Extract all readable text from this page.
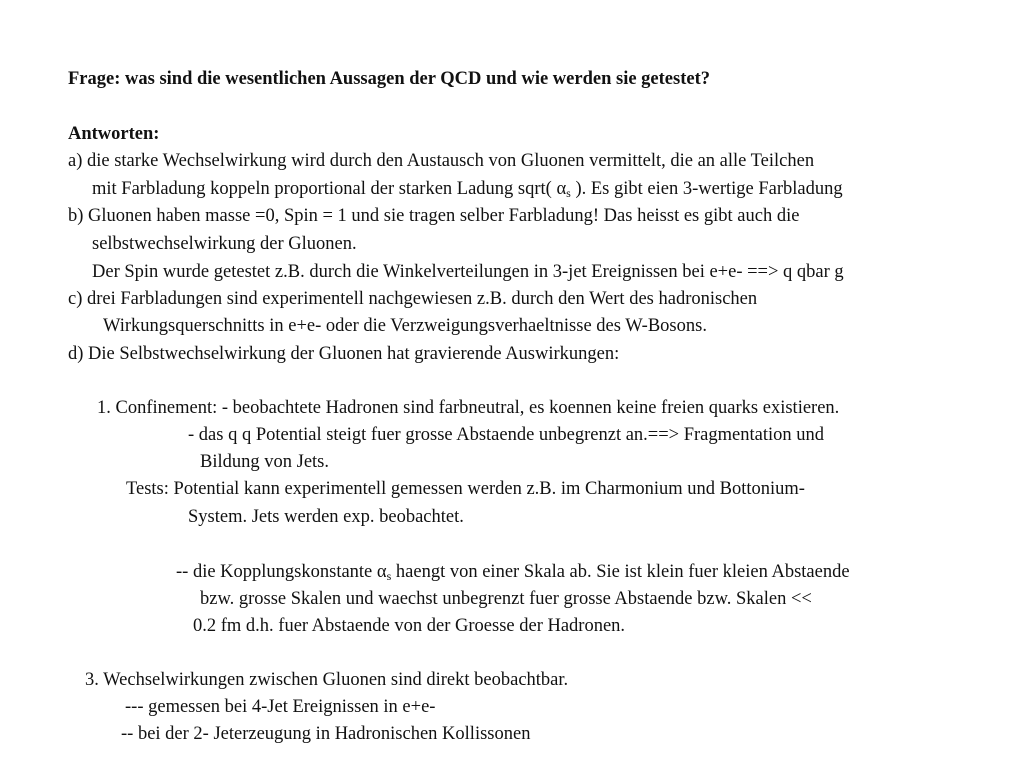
Frage: was sind die wesentlichen Aussagen der QCD und wie werden sie getestet?
Antworten:
a) die starke Wechselwirkung wird durch den Austausch von Gluonen vermittelt, die an alle Teilchen
mit Farbladung koppeln proportional der starken Ladung sqrt( $\alpha_s$ ). Es gibt eien 3-wertige Farbladung
b) Gluonen haben masse =0, Spin = 1 und sie tragen selber Farbladung! Das heisst es gibt auch die
selbstwechselwirkung der Gluonen.
Der Spin wurde getestet z.B. durch die Winkelverteilungen in 3-jet Ereignissen bei e+e- ==> q qbar g
c) drei Farbladungen sind experimentell nachgewiesen z.B. durch den Wert des hadronischen
Wirkungsquerschnitts in e+e- oder die Verzweigungsverhaeltnisse des W-Bosons.
d) Die Selbstwechselwirkung der Gluonen hat gravierende Auswirkungen:
1. Confinement: - beobachtete Hadronen sind farbneutral, es koennen keine freien quarks existieren.
- das q q Potential steigt fuer grosse Abstaende unbegrenzt an.==> Fragmentation und
Bildung von Jets.
Tests: Potential kann experimentell gemessen werden z.B. im Charmonium und Bottonium-
System. Jets werden exp. beobachtet.
-- die Kopplungskonstante $\alpha_s$ haengt von einer Skala ab. Sie ist klein fuer kleien Abstaende
bzw. grosse Skalen und waechst unbegrenzt fuer grosse Abstaende bzw. Skalen <<
0.2 fm d.h. fuer Abstaende von der Groesse der Hadronen.
3. Wechselwirkungen zwischen Gluonen sind direkt beobachtbar.
--- gemessen bei 4-Jet Ereignissen in e+e-
-- bei der 2- Jeterzeugung in Hadronischen Kollissonen
